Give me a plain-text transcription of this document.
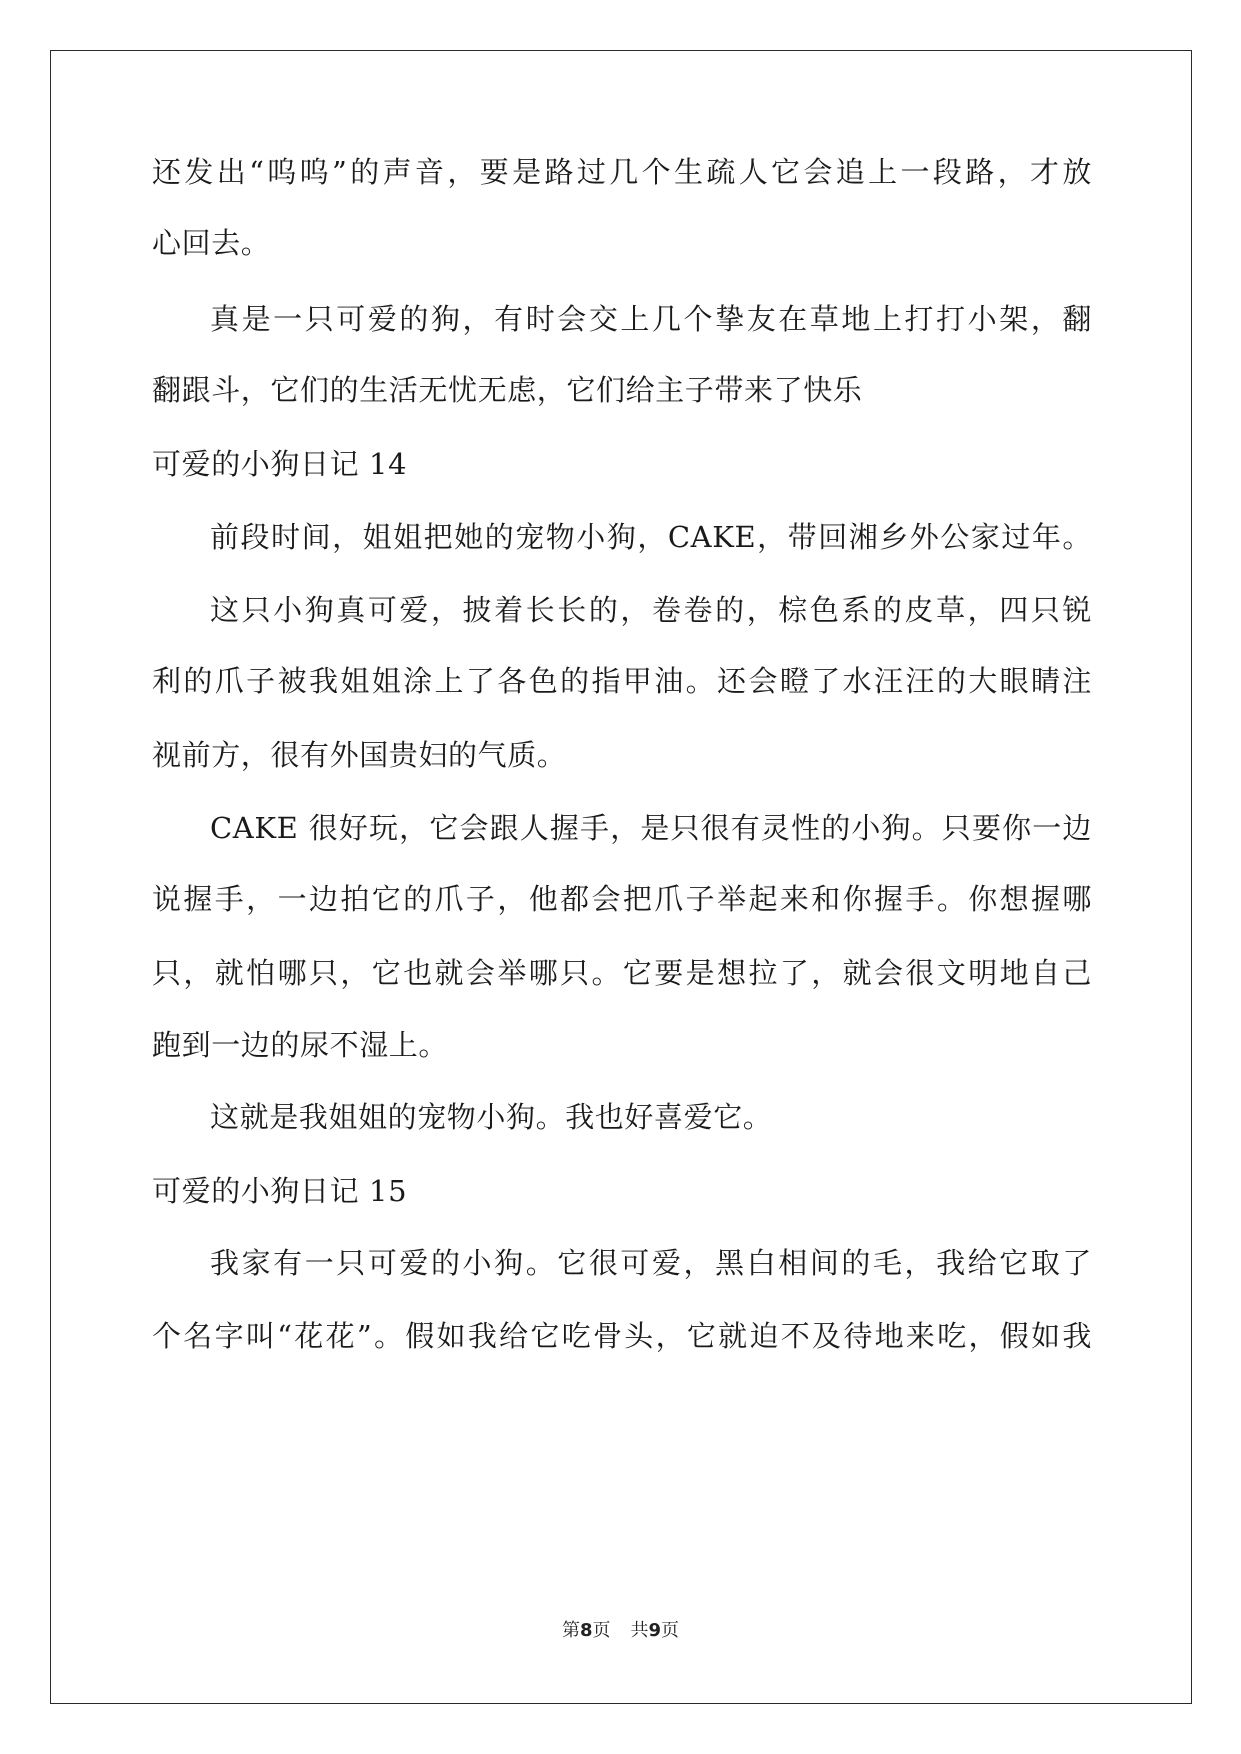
还发出“呜呜”的声音，要是路过几个生疏人它会追上一段路，才放
心回去。
真是一只可爱的狗，有时会交上几个挚友在草地上打打小架，翻
翻跟斗，它们的生活无忧无虑，它们给主子带来了快乐
可爱的小狗日记 14
前段时间，姐姐把她的宠物小狗，CAKE，带回湘乡外公家过年。
这只小狗真可爱，披着长长的，卷卷的，棕色系的皮草，四只锐
利的爪子被我姐姐涂上了各色的指甲油。还会瞪了水汪汪的大眼睛注
视前方，很有外国贵妇的气质。
CAKE 很好玩，它会跟人握手，是只很有灵性的小狗。只要你一边
说握手，一边拍它的爪子，他都会把爪子举起来和你握手。你想握哪
只，就怕哪只，它也就会举哪只。它要是想拉了，就会很文明地自己
跑到一边的尿不湿上。
这就是我姐姐的宠物小狗。我也好喜爱它。
可爱的小狗日记 15
我家有一只可爱的小狗。它很可爱，黑白相间的毛，我给它取了
个名字叫“花花”。假如我给它吃骨头，它就迫不及待地来吃，假如我
第8页 共9页
